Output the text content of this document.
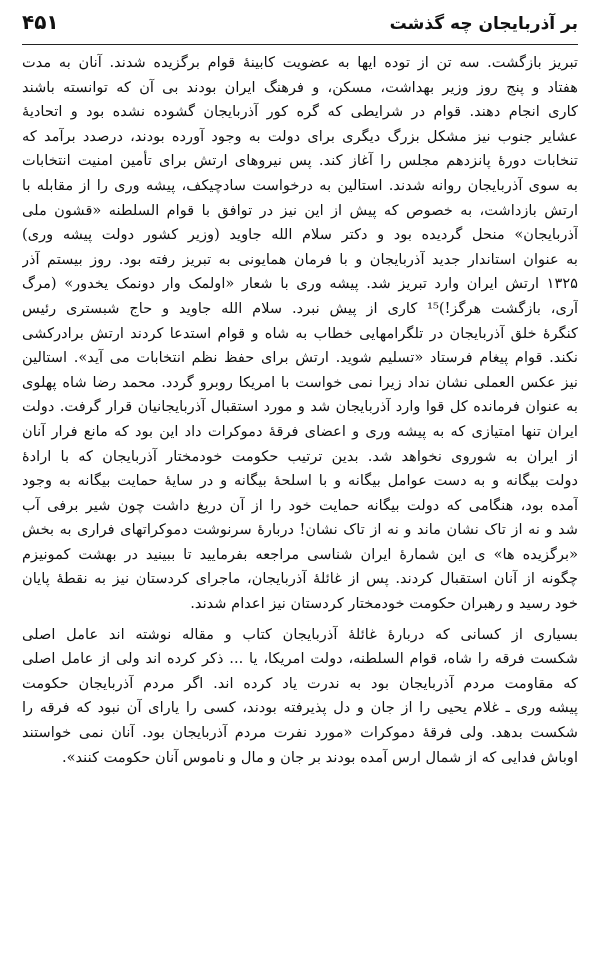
بر آذربایجان چه گذشت
۴۵۱
تبریز بازگشت. سه تن از توده ‌ایها به عضویت کابینهٔ قوام برگزیده شدند. آنان به مدت
هفتاد و پنج روز وزیر بهداشت، مسکن، و فرهنگ ایران بودند بی آن که توانسته باشند
کاری انجام دهند. قوام در شرایطی که گره کور آذربایجان گشوده نشده بود و اتحادیهٔ
عشایر جنوب نیز مشکل بزرگ دیگری برای دولت به وجود آورده بودند، درصدد برآمد که
تنخابات دورهٔ پانزدهم مجلس را آغاز کند. پس نیروهای ارتش برای تأمین امنیت انتخابات
به سوی آذربایجان روانه شدند. استالین به درخواست سادچیکف، پیشه وری را از مقابله با
ارتش بازداشت، به خصوص که پیش از این نیز در توافق با قوام السلطنه «قشون ملی
آذربایجان» منحل گردیده بود و دکتر سلام الله جاوید (وزیر کشور دولت پیشه وری)
به عنوان استاندار جدید آذربایجان و با فرمان همایونی به تبریز رفته بود. روز بیستم آذر
۱۳۲۵ ارتش ایران وارد تبریز شد. پیشه وری با شعار «اولمک وار دونمک یخدور» (مرگ
آری، بازگشت هرگز!)¹⁵ کاری از پیش نبرد. سلام الله جاوید و حاج شبستری رئیس
کنگرهٔ خلق آذربایجان در تلگرامهایی خطاب به شاه و قوام استدعا کردند ارتش برادرکشی
نکند. قوام پیغام فرستاد «تسلیم شوید. ارتش برای حفظ نظم انتخابات می آید». استالین
نیز عکس العملی نشان نداد زیرا نمی خواست با امریکا روبرو گردد. محمد رضا شاه پهلوی
به عنوان فرمانده کل قوا وارد آذربایجان شد و مورد استقبال آذربایجانیان قرار گرفت. دولت
ایران تنها امتیازی که به پیشه وری و اعضای فرقهٔ دموکرات داد این بود که مانع فرار آنان
از ایران به شوروی نخواهد شد. بدین ترتیب حکومت خودمختار آذربایجان که با ارادهٔ
دولت بیگانه و به دست عوامل بیگانه و با اسلحهٔ بیگانه و در سایهٔ حمایت بیگانه به وجود
آمده بود، هنگامی که دولت بیگانه حمایت خود را از آن دریغ داشت چون شیر برفی آب
شد و نه از تاک نشان ماند و نه از تاک نشان! دربارهٔ سرنوشت دموکراتهای فراری به بخش
«برگزیده ها» ی این شمارهٔ ایران شناسی مراجعه بفرمایید تا ببینید در بهشت کمونیزم
چگونه از آنان استقبال کردند. پس از غائلهٔ آذربایجان، ماجرای کردستان نیز به نقطهٔ پایان
خود رسید و رهبران حکومت خودمختار کردستان نیز اعدام شدند.
بسیاری از کسانی که دربارهٔ غائلهٔ آذربایجان کتاب و مقاله نوشته اند عامل اصلی
شکست فرقه را شاه، قوام السلطنه، دولت امریکا، یا ... ذکر کرده اند ولی از عامل اصلی
که مقاومت مردم آذربایجان بود به ندرت یاد کرده اند. اگر مردم آذربایجان حکومت
پیشه وری ـ غلام یحیی را از جان و دل پذیرفته بودند، کسی را یارای آن نبود که فرقه را
شکست بدهد. ولی فرقهٔ دموکرات «مورد نفرت مردم آذربایجان بود. آنان نمی خواستند
اوباش فدایی که از شمال ارس آمده بودند بر جان و مال و ناموس آنان حکومت کنند».
